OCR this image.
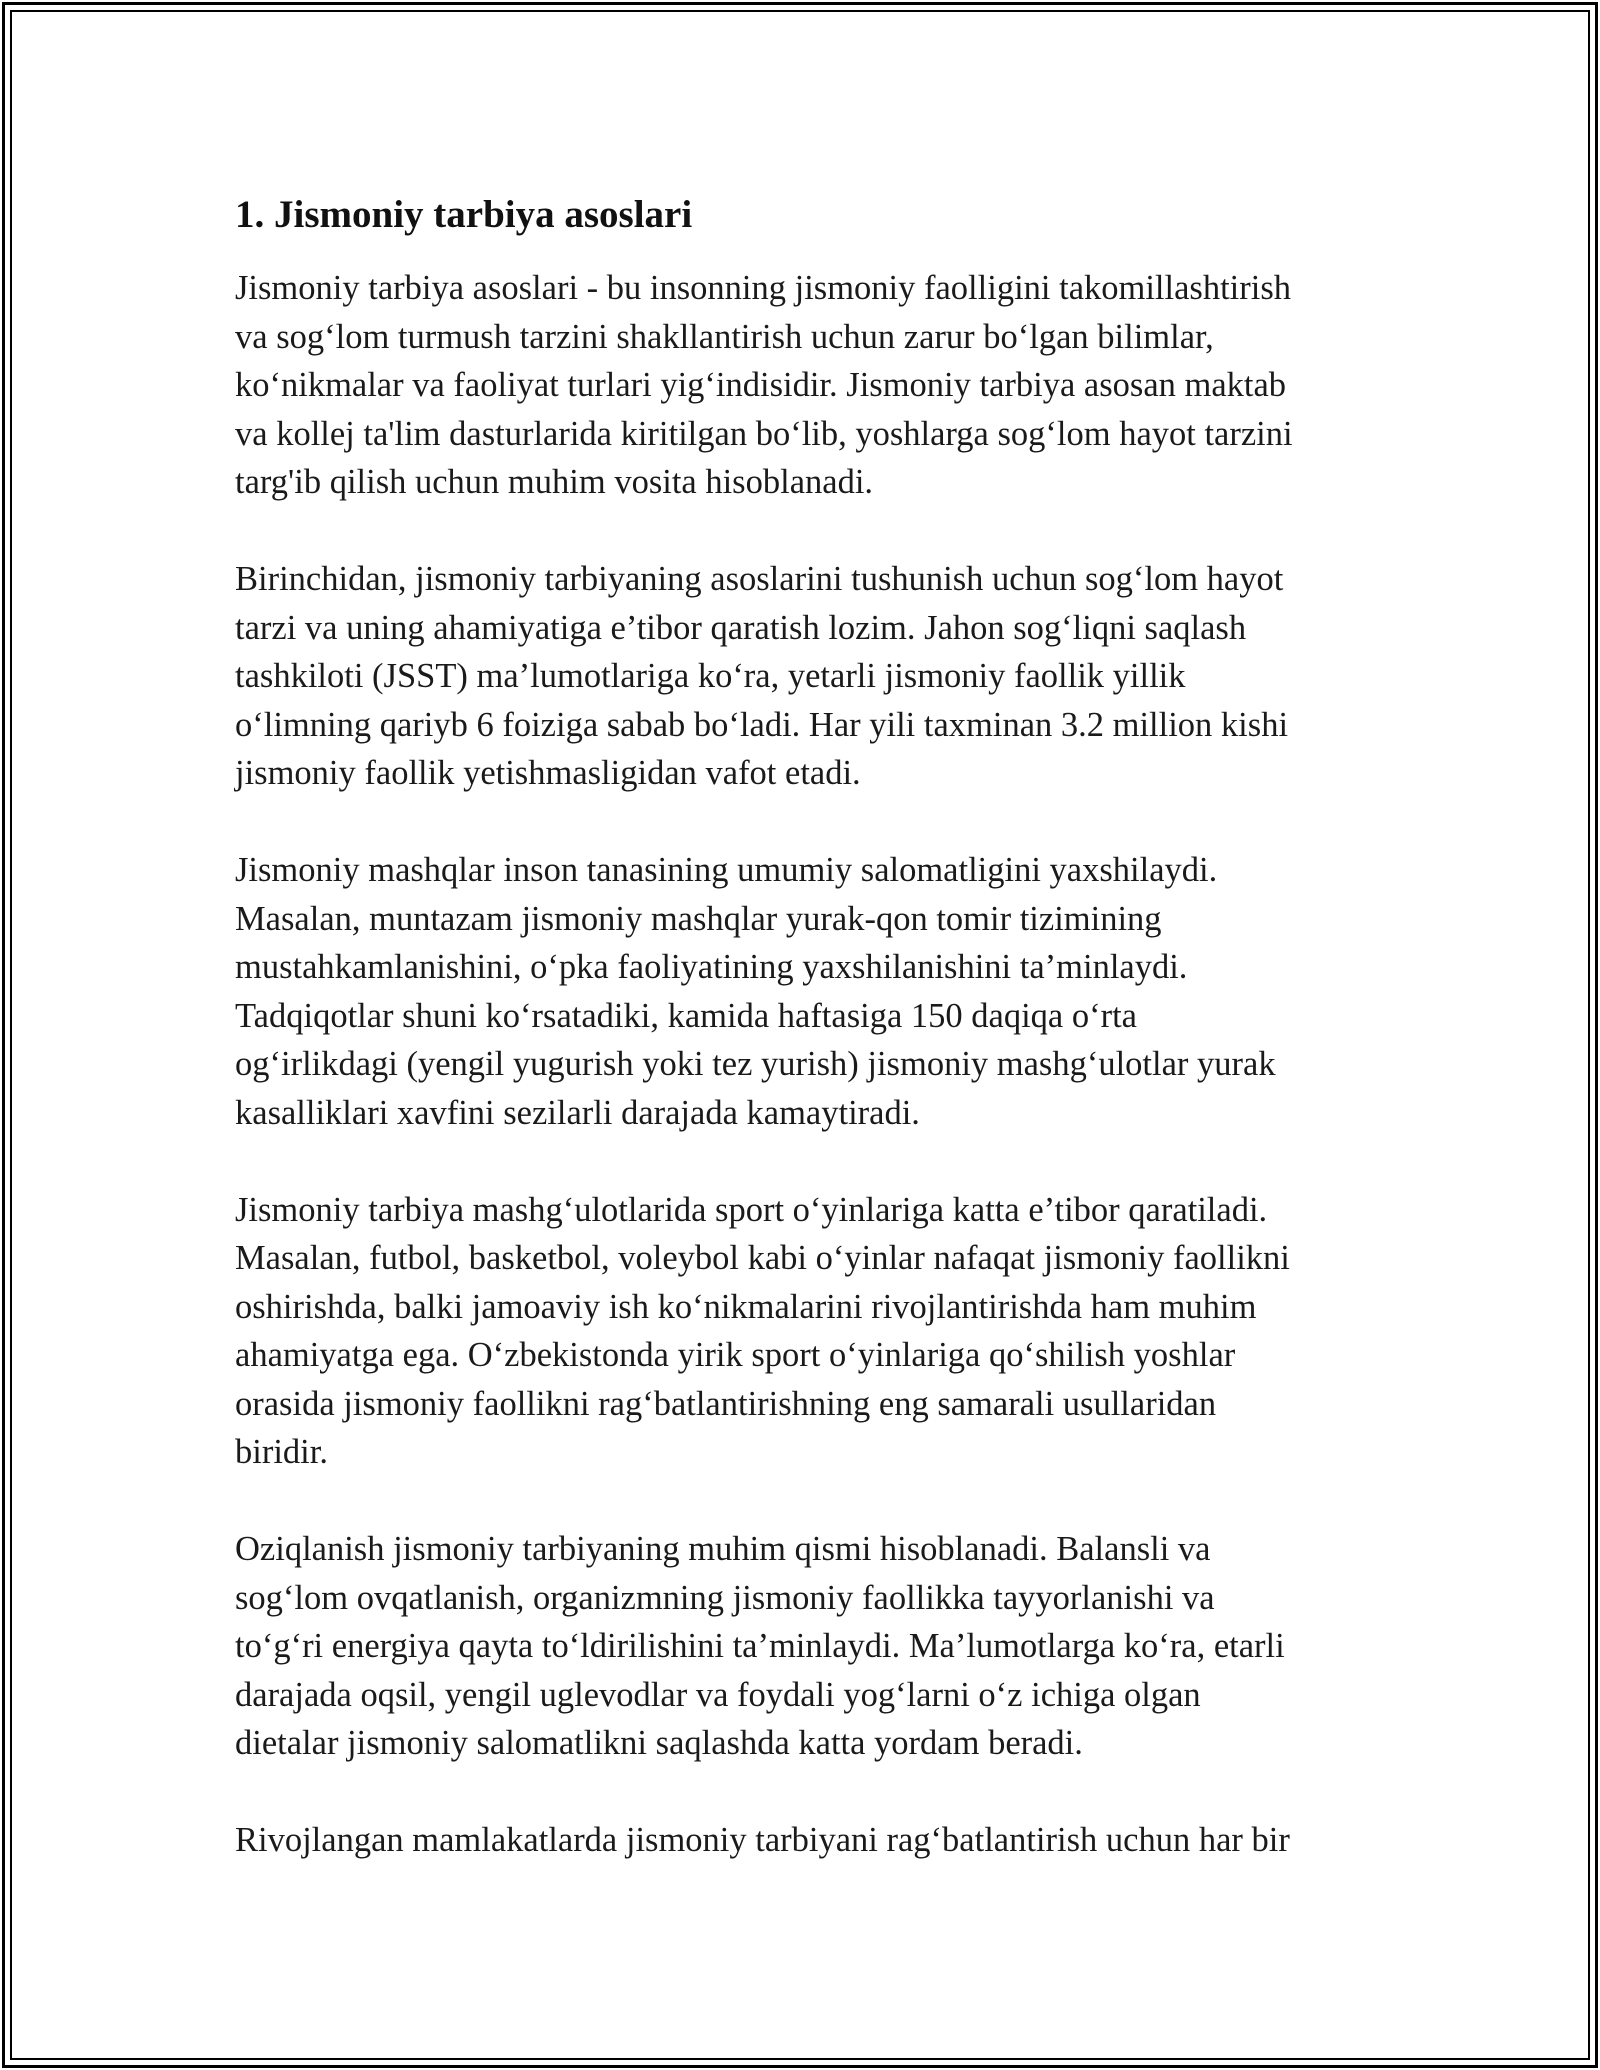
1. Jismoniy tarbiya asoslari

Jismoniy tarbiya asoslari - bu insonning jismoniy faolligini takomillashtirish
va sog‘lom turmush tarzini shakllantirish uchun zarur bo‘lgan bilimlar,
ko‘nikmalar va faoliyat turlari yig‘indisidir. Jismoniy tarbiya asosan maktab
va kollej ta'lim dasturlarida kiritilgan bo‘lib, yoshlarga sog‘lom hayot tarzini
targ'ib qilish uchun muhim vosita hisoblanadi.

Birinchidan, jismoniy tarbiyaning asoslarini tushunish uchun sog‘lom hayot
tarzi va uning ahamiyatiga e’tibor qaratish lozim. Jahon sog‘liqni saqlash
tashkiloti (JSST) ma’lumotlariga ko‘ra, yetarli jismoniy faollik yillik
o‘limning qariyb 6 foiziga sabab bo‘ladi. Har yili taxminan 3.2 million kishi
jismoniy faollik yetishmasligidan vafot etadi.

Jismoniy mashqlar inson tanasining umumiy salomatligini yaxshilaydi.
Masalan, muntazam jismoniy mashqlar yurak-qon tomir tizimining
mustahkamlanishini, o‘pka faoliyatining yaxshilanishini ta’minlaydi.
Tadqiqotlar shuni ko‘rsatadiki, kamida haftasiga 150 daqiqa o‘rta
og‘irlikdagi (yengil yugurish yoki tez yurish) jismoniy mashg‘ulotlar yurak
kasalliklari xavfini sezilarli darajada kamaytiradi.

Jismoniy tarbiya mashg‘ulotlarida sport o‘yinlariga katta e’tibor qaratiladi.
Masalan, futbol, basketbol, voleybol kabi o‘yinlar nafaqat jismoniy faollikni
oshirishda, balki jamoaviy ish ko‘nikmalarini rivojlantirishda ham muhim
ahamiyatga ega. O‘zbekistonda yirik sport o‘yinlariga qo‘shilish yoshlar
orasida jismoniy faollikni rag‘batlantirishning eng samarali usullaridan
biridir.

Oziqlanish jismoniy tarbiyaning muhim qismi hisoblanadi. Balansli va
sog‘lom ovqatlanish, organizmning jismoniy faollikka tayyorlanishi va
to‘g‘ri energiya qayta to‘ldirilishini ta’minlaydi. Ma’lumotlarga ko‘ra, etarli
darajada oqsil, yengil uglevodlar va foydali yog‘larni o‘z ichiga olgan
dietalar jismoniy salomatlikni saqlashda katta yordam beradi.

Rivojlangan mamlakatlarda jismoniy tarbiyani rag‘batlantirish uchun har bir
